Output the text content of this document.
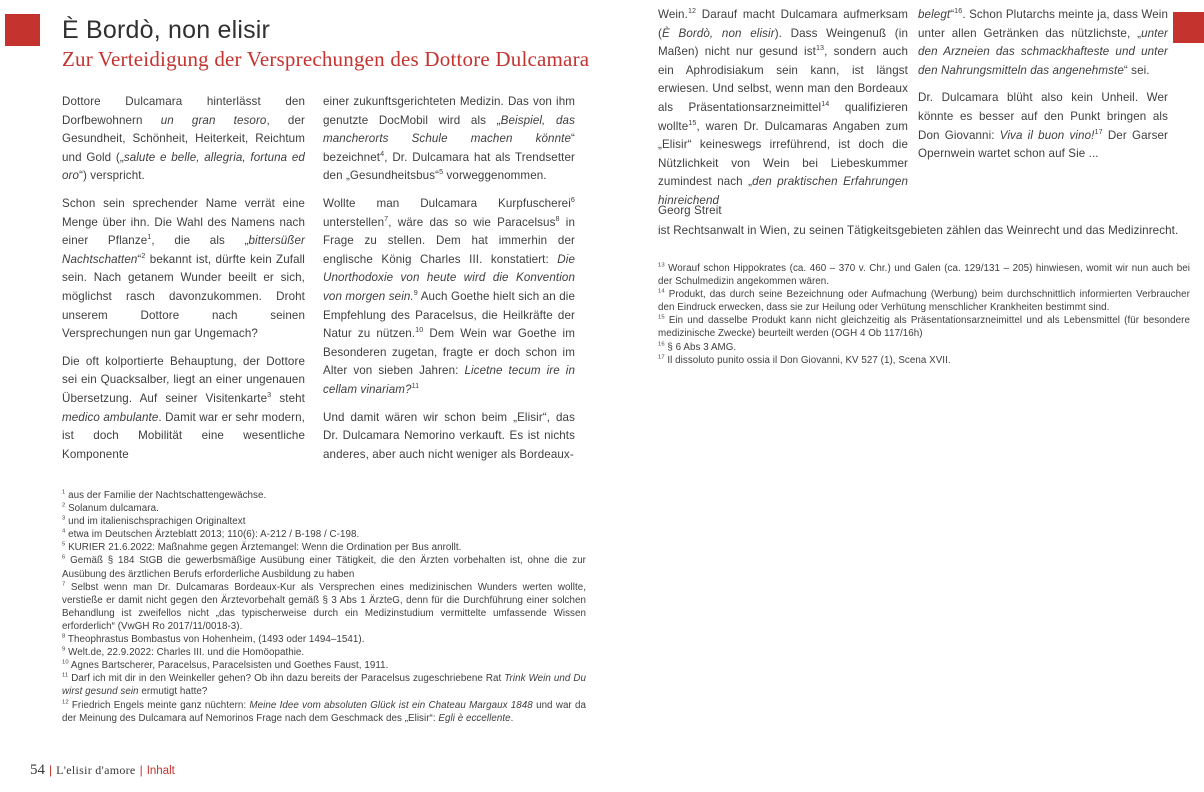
È Bordò, non elisir
Zur Verteidigung der Versprechungen des Dottore Dulcamara

Dottore Dulcamara hinterlässt den Dorfbewohnern un gran tesoro, der Gesundheit, Schönheit, Heiterkeit, Reichtum und Gold („salute e belle, allegria, fortuna ed oro“) verspricht.

Schon sein sprechender Name verrät eine Menge über ihn. Die Wahl des Namens nach einer Pflanze$^1$, die als „bittersüßer Nachtschatten“$^2$ bekannt ist, dürfte kein Zufall sein. Nach getanem Wunder beeilt er sich, möglichst rasch davonzukommen. Droht unserem Dottore nach seinen Versprechungen nun gar Ungemach?

Die oft kolportierte Behauptung, der Dottore sei ein Quacksalber, liegt an einer ungenauen Übersetzung. Auf seiner Visitenkarte$^3$ steht medico ambulante. Damit war er sehr modern, ist doch Mobilität eine wesentliche Komponente

einer zukunftsgerichteten Medizin. Das von ihm genutzte DocMobil wird als „Beispiel, das mancherorts Schule machen könnte“ bezeichnet$^4$, Dr. Dulcamara hat als Trendsetter den „Gesundheitsbus“$^5$ vorweggenommen.

Wollte man Dulcamara Kurpfuscherei$^6$ unterstellen$^7$, wäre das so wie Paracelsus$^8$ in Frage zu stellen. Dem hat immerhin der englische König Charles III. konstatiert: Die Unorthodoxie von heute wird die Konvention von morgen sein.$^9$ Auch Goethe hielt sich an die Empfehlung des Paracelsus, die Heilkräfte der Natur zu nützen.$^{10}$ Dem Wein war Goethe im Besonderen zugetan, fragte er doch schon im Alter von sieben Jahren: Licetne tecum ire in cellam vinariam?$^{11}$

Und damit wären wir schon beim „Elisir“, das Dr. Dulcamara Nemorino verkauft. Es ist nichts anderes, aber auch nicht weniger als Bordeaux-

$^1$ aus der Familie der Nachtschattengewächse.
$^2$ Solanum dulcamara.
$^3$ und im italienischsprachigen Originaltext
$^4$ etwa im Deutschen Ärzteblatt 2013; 110(6): A-212 / B-198 / C-198.
$^5$ KURIER 21.6.2022: Maßnahme gegen Ärztemangel: Wenn die Ordination per Bus anrollt.
$^6$ Gemäß § 184 StGB die gewerbsmäßige Ausübung einer Tätigkeit, die den Ärzten vorbehalten ist, ohne die zur Ausübung des ärztlichen Berufs erforderliche Ausbildung zu haben
$^7$ Selbst wenn man Dr. Dulcamaras Bordeaux-Kur als Versprechen eines medizinischen Wunders werten wollte, verstieße er damit nicht gegen den Ärztevorbehalt gemäß § 3 Abs 1 ÄrzteG, denn für die Durchführung einer solchen Behandlung ist zweifellos nicht „das typischerweise durch ein Medizinstudium vermittelte umfassende Wissen erforderlich“ (VwGH Ro 2017/11/0018-3).
$^8$ Theophrastus Bombastus von Hohenheim, (1493 oder 1494–1541).
$^9$ Welt.de, 22.9.2022: Charles III. und die Homöopathie.
$^{10}$ Agnes Bartscherer, Paracelsus, Paracelsisten und Goethes Faust, 1911.
$^{11}$ Darf ich mit dir in den Weinkeller gehen? Ob ihn dazu bereits der Paracelsus zugeschriebene Rat Trink Wein und Du wirst gesund sein ermutigt hatte?
$^{12}$ Friedrich Engels meinte ganz nüchtern: Meine Idee vom absoluten Glück ist ein Chateau Margaux 1848 und war da der Meinung des Dulcamara auf Nemorinos Frage nach dem Geschmack des „Elisir“: Egli è eccellente.

Wein.$^{12}$ Darauf macht Dulcamara aufmerksam (È Bordò, non elisir). Dass Weingenuß (in Maßen) nicht nur gesund ist$^{13}$, sondern auch ein Aphrodisiakum sein kann, ist längst erwiesen. Und selbst, wenn man den Bordeaux als Präsentationsarzneimittel$^{14}$ qualifizieren wollte$^{15}$, waren Dr. Dulcamaras Angaben zum „Elisir“ keineswegs irreführend, ist doch die Nützlichkeit von Wein bei Liebeskummer zumindest nach „den praktischen Erfahrungen hinreichend

belegt“$^{16}$. Schon Plutarchs meinte ja, dass Wein unter allen Getränken das nützlichste, „unter den Arzneien das schmackhafteste und unter den Nahrungsmitteln das angenehmste“ sei.

Dr. Dulcamara blüht also kein Unheil. Wer könnte es besser auf den Punkt bringen als Don Giovanni: Viva il buon vino!$^{17}$ Der Garser Opernwein wartet schon auf Sie ...

Georg Streit
ist Rechtsanwalt in Wien, zu seinen Tätigkeitsgebieten zählen das Weinrecht und das Medizinrecht.
$^{13}$ Worauf schon Hippokrates (ca. 460 – 370 v. Chr.) und Galen (ca. 129/131 – 205) hinwiesen, womit wir nun auch bei der Schulmedizin angekommen wären.
$^{14}$ Produkt, das durch seine Bezeichnung oder Aufmachung (Werbung) beim durchschnittlich informierten Verbraucher den Eindruck erwecken, dass sie zur Heilung oder Verhütung menschlicher Krankheiten bestimmt sind.
$^{15}$ Ein und dasselbe Produkt kann nicht gleichzeitig als Präsentationsarzneimittel und als Lebensmittel (für besondere medizinische Zwecke) beurteilt werden (OGH 4 Ob 117/16h)
$^{16}$ § 6 Abs 3 AMG.
$^{17}$ Il dissoluto punito ossia il Don Giovanni, KV 527 (1), Scena XVII.
54 | L'elisir d'amore | Inhalt
